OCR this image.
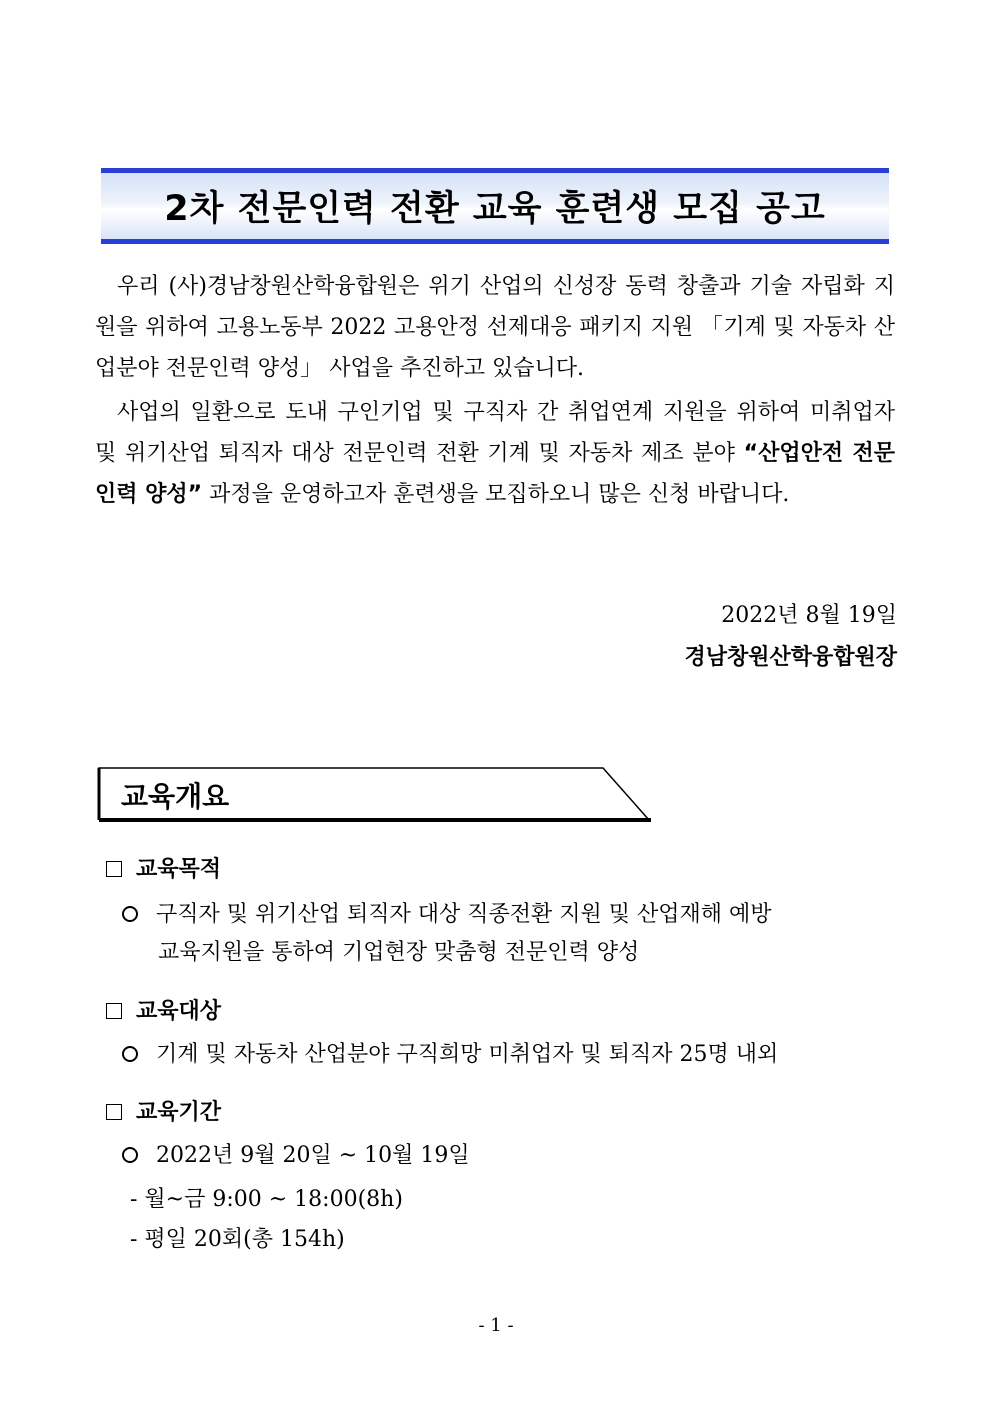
2차 전문인력 전환 교육 훈련생 모집 공고

우리 (사)경남창원산학융합원은 위기 산업의 신성장 동력 창출과 기술 자립화 지원을 위하여 고용노동부 2022 고용안정 선제대응 패키지 지원 「기계 및 자동차 산업분야 전문인력 양성」 사업을 추진하고 있습니다.

사업의 일환으로 도내 구인기업 및 구직자 간 취업연계 지원을 위하여 미취업자 및 위기산업 퇴직자 대상 전문인력 전환 기계 및 자동차 제조 분야 “산업안전 전문인력 양성” 과정을 운영하고자 훈련생을 모집하오니 많은 신청 바랍니다.

2022년 8월 19일
경남창원산학융합원장
교육개요
교육목적
구직자 및 위기산업 퇴직자 대상 직종전환 지원 및 산업재해 예방
교육지원을 통하여 기업현장 맞춤형 전문인력 양성
교육대상
기계 및 자동차 산업분야 구직희망 미취업자 및 퇴직자 25명 내외
교육기간
2022년 9월 20일 ~ 10월 19일
- 월~금 9:00 ~ 18:00(8h)
- 평일 20회(총 154h)
- 1 -
